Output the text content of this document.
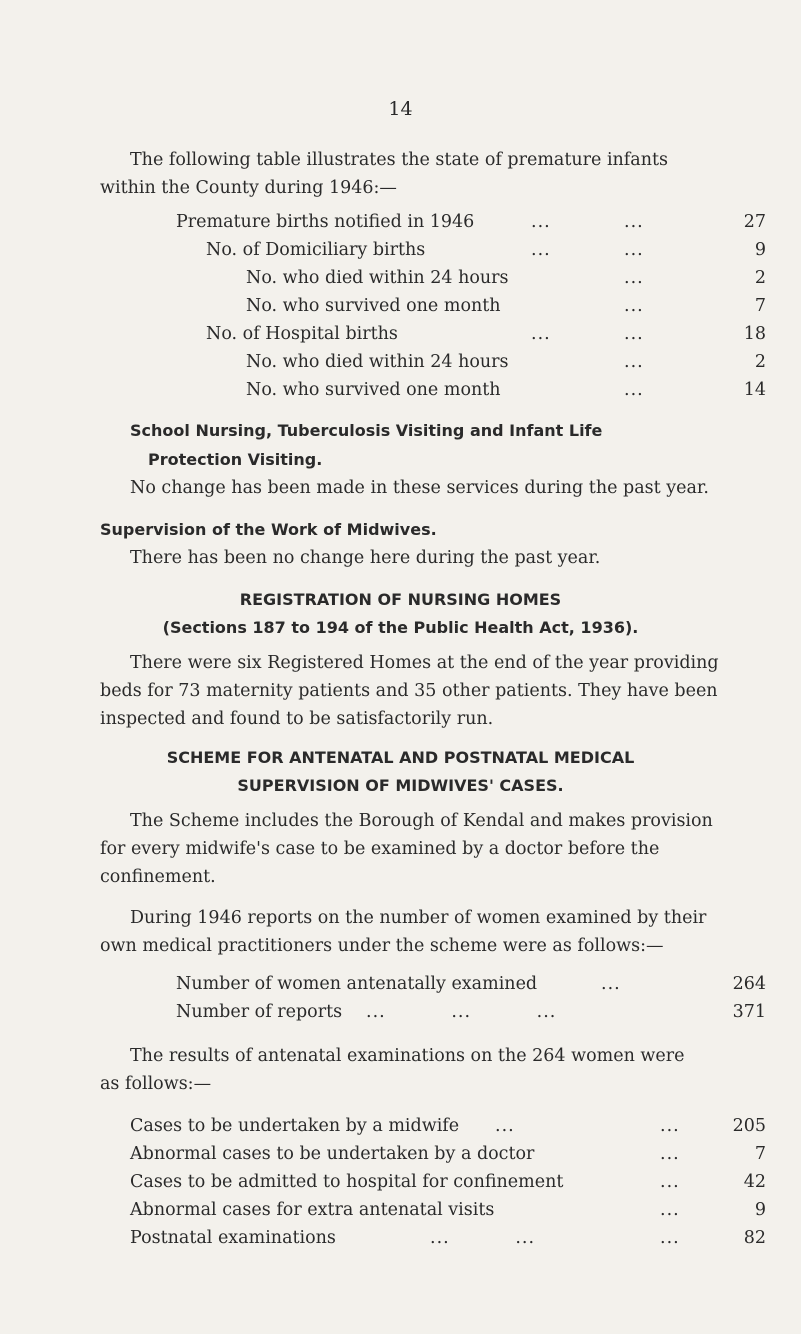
14
The following table illustrates the state of premature infants
within the County during 1946:—
Premature births notified in 1946	...	...	27
No. of Domiciliary births	...	...	9
No. who died within 24 hours	...	2
No. who survived one month	...	7
No. of Hospital births	...	...	18
No. who died within 24 hours	...	2
No. who survived one month	...	14
School Nursing, Tuberculosis Visiting and Infant Life
Protection Visiting.
No change has been made in these services during the past year.
Supervision of the Work of Midwives.
There has been no change here during the past year.
REGISTRATION OF NURSING HOMES
(Sections 187 to 194 of the Public Health Act, 1936).
There were six Registered Homes at the end of the year providing
beds for 73 maternity patients and 35 other patients. They have been
inspected and found to be satisfactorily run.
SCHEME FOR ANTENATAL AND POSTNATAL MEDICAL
SUPERVISION OF MIDWIVES' CASES.
The Scheme includes the Borough of Kendal and makes provision
for every midwife's case to be examined by a doctor before the
confinement.
During 1946 reports on the number of women examined by their
own medical practitioners under the scheme were as follows:—
Number of women antenatally examined	...	264
Number of reports ...          ...          ...	371
The results of antenatal examinations on the 264 women were
as follows:—
Cases to be undertaken by a midwife ...	...	205
Abnormal cases to be undertaken by a doctor	...	7
Cases to be admitted to hospital for confinement	...	42
Abnormal cases for extra antenatal visits	...	9
Postnatal examinations	...          ...	...	82
